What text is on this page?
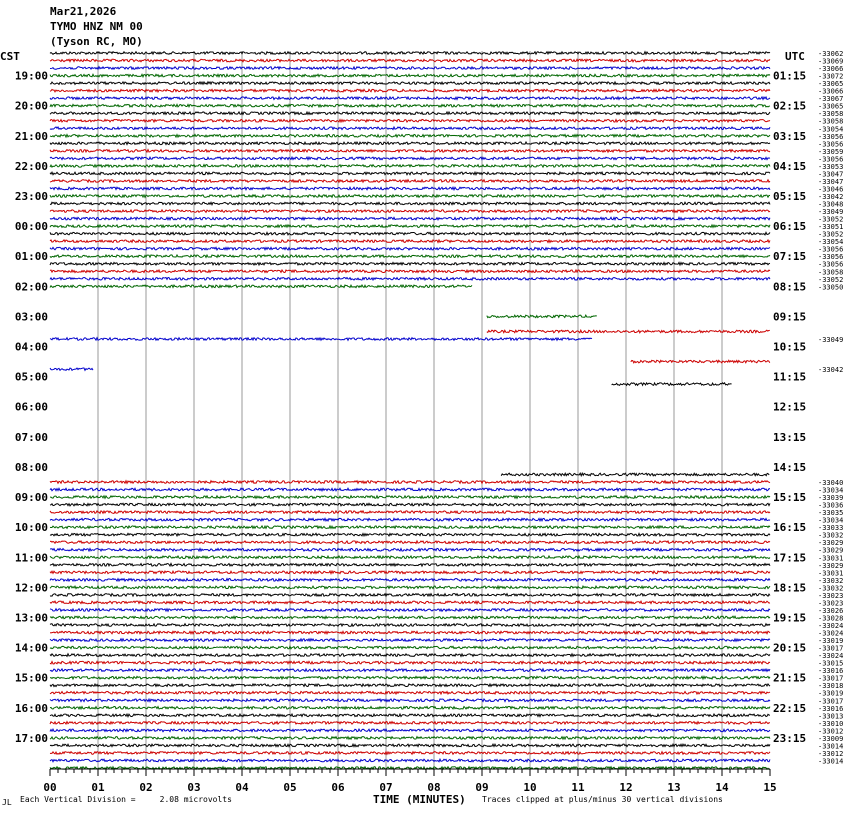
Mar21,2026
TYMO HNZ NM 00
(Tyson RC, MO)
CST	UTC
19:00
20:00
21:00
22:00
23:00
00:00
01:00
02:00
03:00
04:00
05:00
06:00
07:00
08:00
09:00
10:00
11:00
12:00
13:00
14:00
15:00
16:00
17:00
01:15
02:15
03:15
04:15
05:15
06:15
07:15
08:15
09:15
10:15
11:15
12:15
13:15
14:15
15:15
16:15
17:15
18:15
19:15
20:15
21:15
22:15
23:15
-33062
-33069
-33066
-33072
-33065
-33066
-33067
-33065
-33058
-33058
-33054
-33056
-33056
-33059
-33056
-33053
-33047
-33047
-33046
-33042
-33048
-33049
-33052
-33051
-33052
-33054
-33056
-33056
-33056
-33058
-33052
-33050
-33049
-33042
-33040
-33034
-33039
-33036
-33035
-33034
-33033
-33032
-33029
-33029
-33031
-33029
-33031
-33032
-33032
-33023
-33023
-33026
-33028
-33024
-33024
-33019
-33017
-33024
-33015
-33016
-33017
-33018
-33019
-33017
-33016
-33013
-33010
-33012
-33009
-33014
-33012
-33014
00	01	02	03	04	05	06	07	08	09	10	11	12	13	14	15
JL Each Vertical Division =     2.08 microvolts	TIME (MINUTES) Traces clipped at plus/minus 30 vertical divisions
